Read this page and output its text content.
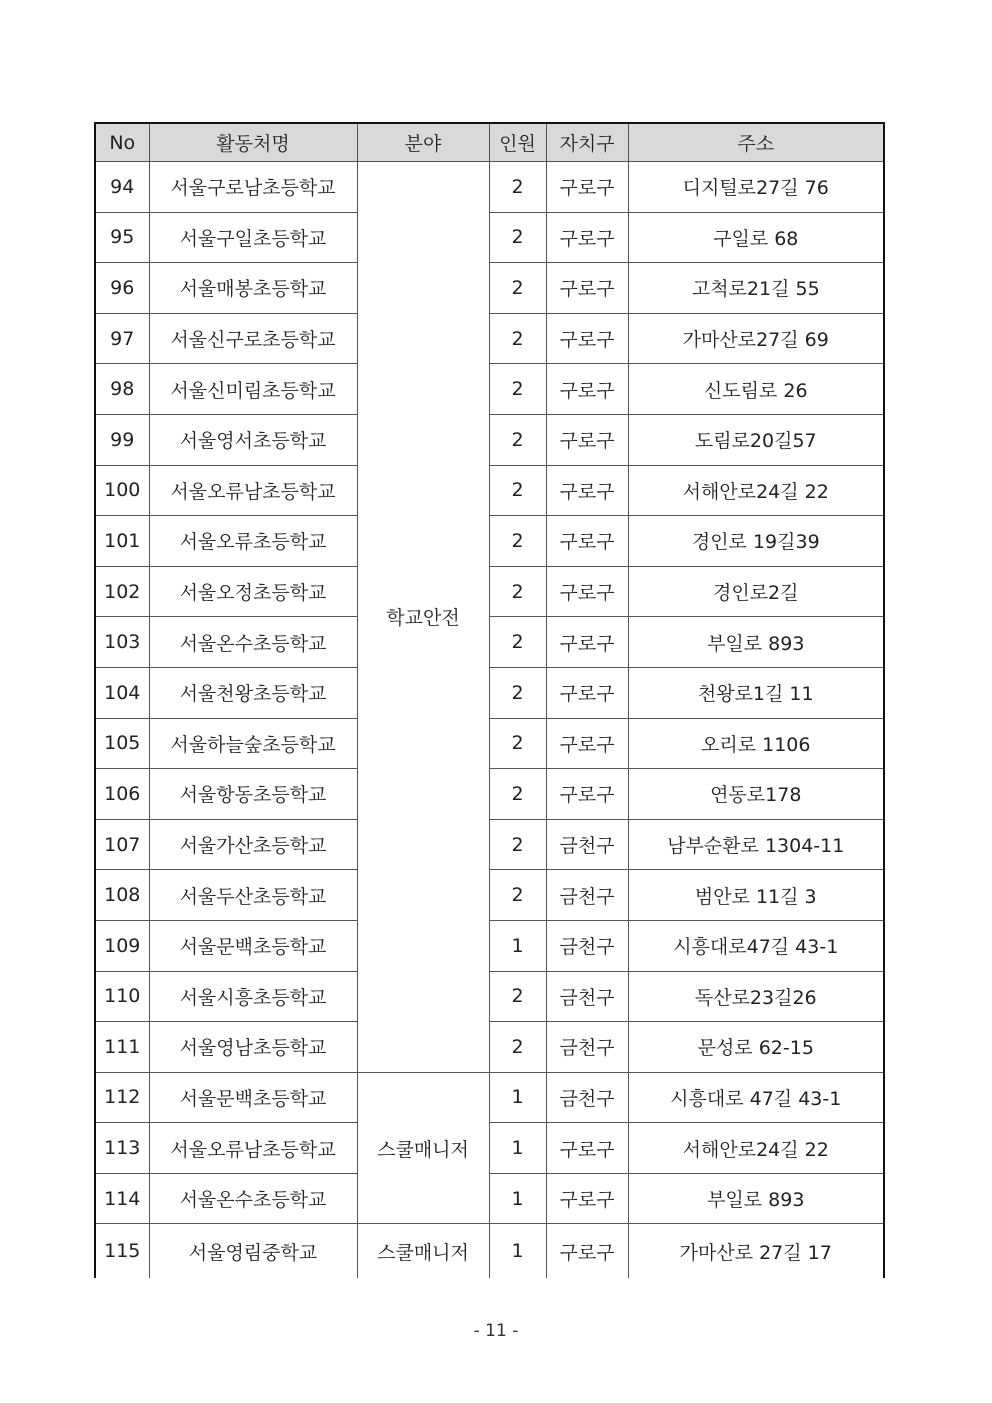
No	활동처명	분야	인원	자치구	주소
94	서울구로남초등학교	학교안전	2	구로구	디지털로27길 76
95	서울구일초등학교		2	구로구	구일로 68
96	서울매봉초등학교		2	구로구	고척로21길 55
97	서울신구로초등학교		2	구로구	가마산로27길 69
98	서울신미림초등학교		2	구로구	신도림로 26
99	서울영서초등학교		2	구로구	도림로20길57
100	서울오류남초등학교		2	구로구	서해안로24길 22
101	서울오류초등학교		2	구로구	경인로 19길39
102	서울오정초등학교		2	구로구	경인로2길
103	서울온수초등학교		2	구로구	부일로 893
104	서울천왕초등학교		2	구로구	천왕로1길 11
105	서울하늘숲초등학교		2	구로구	오리로 1106
106	서울항동초등학교		2	구로구	연동로178
107	서울가산초등학교		2	금천구	남부순환로 1304-11
108	서울두산초등학교		2	금천구	범안로 11길 3
109	서울문백초등학교		1	금천구	시흥대로47길 43-1
110	서울시흥초등학교		2	금천구	독산로23길26
111	서울영남초등학교		2	금천구	문성로 62-15
112	서울문백초등학교	스쿨매니저	1	금천구	시흥대로 47길 43-1
113	서울오류남초등학교		1	구로구	서해안로24길 22
114	서울온수초등학교		1	구로구	부일로 893
115	서울영림중학교	스쿨매니저	1	구로구	가마산로 27길 17
- 11 -
